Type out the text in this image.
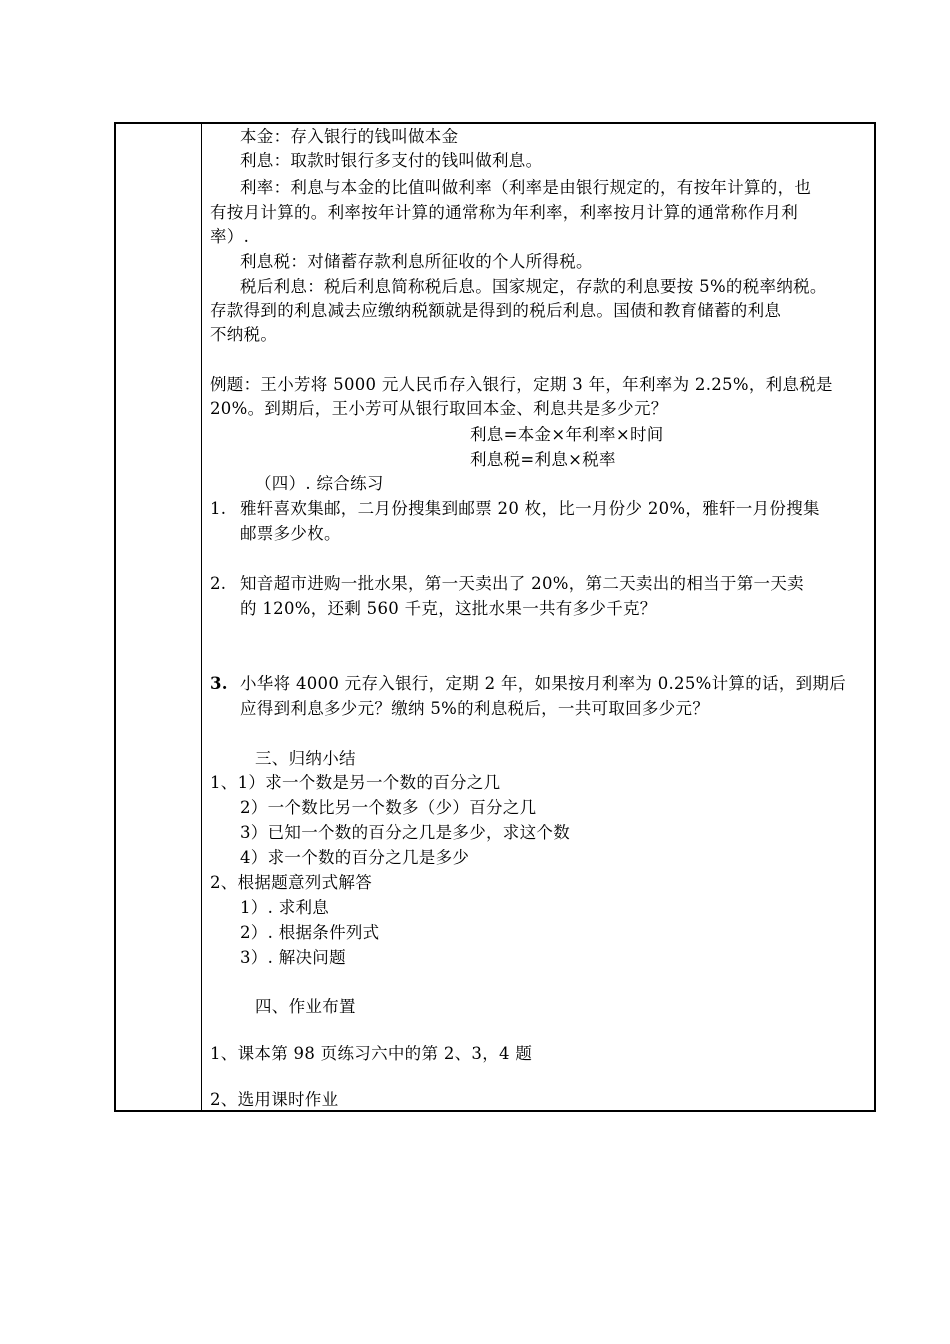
本金：存入银行的钱叫做本金
利息：取款时银行多支付的钱叫做利息。
利率：利息与本金的比值叫做利率（利率是由银行规定的，有按年计算的，也
有按月计算的。利率按年计算的通常称为年利率，利率按月计算的通常称作月利
率）.
利息税：对储蓄存款利息所征收的个人所得税。
税后利息：税后利息简称税后息。国家规定，存款的利息要按 5%的税率纳税。
存款得到的利息减去应缴纳税额就是得到的税后利息。国债和教育储蓄的利息
不纳税。
例题：王小芳将 5000 元人民币存入银行，定期 3 年，年利率为 2.25%，利息税是
20%。到期后，王小芳可从银行取回本金、利息共是多少元？
利息=本金×年利率×时间
利息税=利息×税率
（四）. 综合练习
1. 雅轩喜欢集邮，二月份搜集到邮票 20 枚，比一月份少 20%，雅轩一月份搜集
邮票多少枚。
2. 知音超市进购一批水果，第一天卖出了 20%，第二天卖出的相当于第一天卖
的 120%，还剩 560 千克，这批水果一共有多少千克？
3. 小华将 4000 元存入银行，定期 2 年，如果按月利率为 0.25%计算的话，到期后
应得到利息多少元？缴纳 5%的利息税后，一共可取回多少元？
三、归纳小结
1、1）求一个数是另一个数的百分之几
2）一个数比另一个数多（少）百分之几
3）已知一个数的百分之几是多少，求这个数
4）求一个数的百分之几是多少
2、根据题意列式解答
1）. 求利息
2）. 根据条件列式
3）. 解决问题
四、作业布置
1、课本第 98 页练习六中的第 2、3，4 题
2、选用课时作业
